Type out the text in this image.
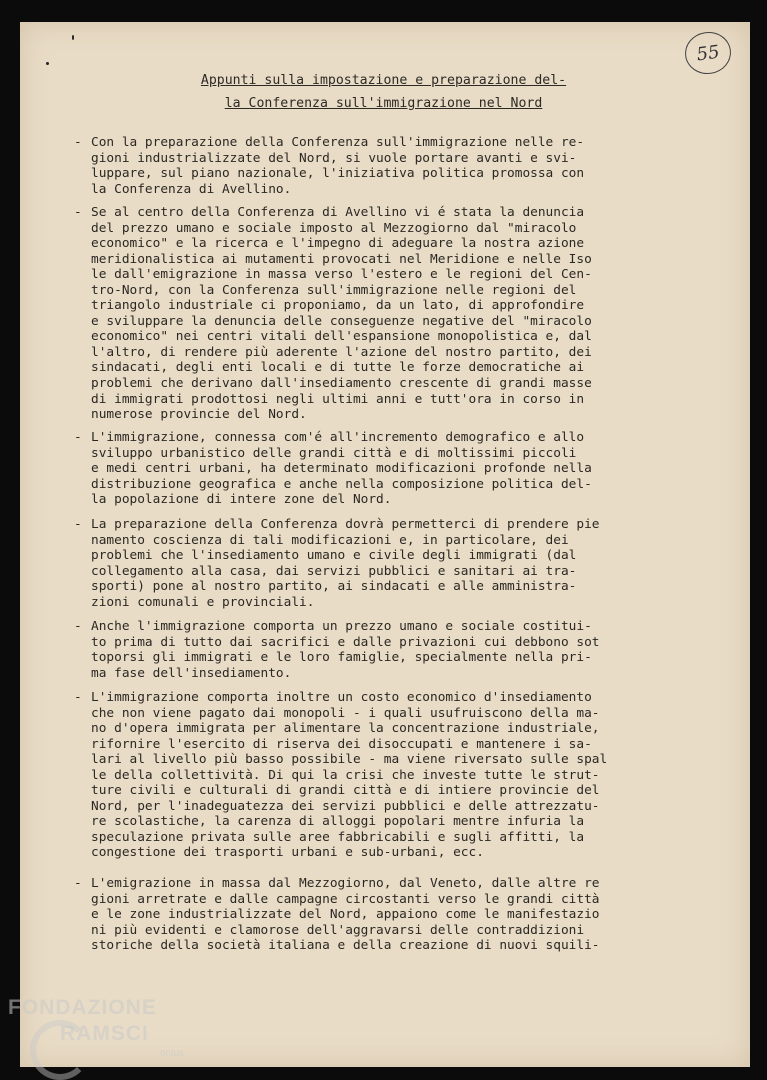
55
Appunti sulla impostazione e preparazione del-
la Conferenza sull'immigrazione nel Nord
- Con la preparazione della Conferenza sull'immigrazione nelle re-
gioni industrializzate del Nord, si vuole portare avanti e svi-
luppare, sul piano nazionale, l'iniziativa politica promossa con
la Conferenza di Avellino.
- Se al centro della Conferenza di Avellino vi é stata la denuncia
del prezzo umano e sociale imposto al Mezzogiorno dal "miracolo
economico" e la ricerca e l'impegno di adeguare la nostra azione
meridionalistica ai mutamenti provocati nel Meridione e nelle Iso
le dall'emigrazione in massa verso l'estero e le regioni del Cen-
tro-Nord, con la Conferenza sull'immigrazione nelle regioni del
triangolo industriale ci proponiamo, da un lato, di approfondire
e sviluppare la denuncia delle conseguenze negative del "miracolo
economico" nei centri vitali dell'espansione monopolistica e, dal
l'altro, di rendere più aderente l'azione del nostro partito, dei
sindacati, degli enti locali e di tutte le forze democratiche ai
problemi che derivano dall'insediamento crescente di grandi masse
di immigrati prodottosi negli ultimi anni e tutt'ora in corso in
numerose provincie del Nord.
- L'immigrazione, connessa com'é all'incremento demografico e allo
sviluppo urbanistico delle grandi città e di moltissimi piccoli
e medi centri urbani, ha determinato modificazioni profonde nella
distribuzione geografica e anche nella composizione politica del-
la popolazione di intere zone del Nord.
- La preparazione della Conferenza dovrà permetterci di prendere pie
namento coscienza di tali modificazioni e, in particolare, dei
problemi che l'insediamento umano e civile degli immigrati (dal
collegamento alla casa, dai servizi pubblici e sanitari ai tra-
sporti) pone al nostro partito, ai sindacati e alle amministra-
zioni comunali e provinciali.
- Anche l'immigrazione comporta un prezzo umano e sociale costitui-
to prima di tutto dai sacrifici e dalle privazioni cui debbono sot
toporsi gli immigrati e le loro famiglie, specialmente nella pri-
ma fase dell'insediamento.
- L'immigrazione comporta inoltre un costo economico d'insediamento
che non viene pagato dai monopoli - i quali usufruiscono della ma-
no d'opera immigrata per alimentare la concentrazione industriale,
rifornire l'esercito di riserva dei disoccupati e mantenere i sa-
lari al livello più basso possibile - ma viene riversato sulle spal
le della collettività. Di qui la crisi che investe tutte le strut-
ture civili e culturali di grandi città e di intiere provincie del
Nord, per l'inadeguatezza dei servizi pubblici e delle attrezzatu-
re scolastiche, la carenza di alloggi popolari mentre infuria la
speculazione privata sulle aree fabbricabili e sugli affitti, la
congestione dei trasporti urbani e sub-urbani, ecc.
- L'emigrazione in massa dal Mezzogiorno, dal Veneto, dalle altre re
gioni arretrate e dalle campagne circostanti verso le grandi città
e le zone industrializzate del Nord, appaiono come le manifestazio
ni più evidenti e clamorose dell'aggravarsi delle contraddizioni
storiche della società italiana e della creazione di nuovi squili-
FONDAZIONE
RAMSCI
onlus
